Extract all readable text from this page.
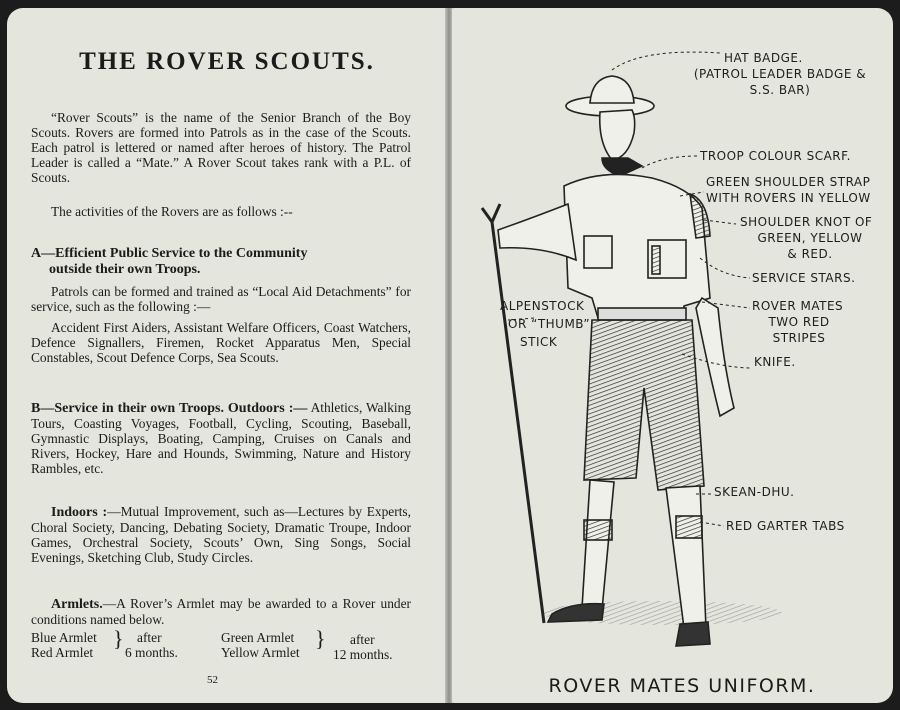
THE ROVER SCOUTS.
“Rover Scouts” is the name of the Senior Branch of the Boy Scouts. Rovers are formed into Patrols as in the case of the Scouts. Each patrol is lettered or named after heroes of history. The Patrol Leader is called a “Mate.” A Rover Scout takes rank with a P.L. of Scouts.
The activities of the Rovers are as follows :--
A—Efficient Public Service to the Community
outside their own Troops.
Patrols can be formed and trained as “Local Aid Detachments” for service, such as the following :—
Accident First Aiders, Assistant Welfare Officers, Coast Watchers, Defence Signallers, Firemen, Rocket Apparatus Men, Special Constables, Scout Defence Corps, Sea Scouts.
B—Service in their own Troops. Outdoors :— Athletics, Walking Tours, Coasting Voyages, Football, Cycling, Scouting, Baseball, Gymnastic Displays, Boating, Camping, Cruises on Canals and Rivers, Hockey, Hare and Hounds, Swimming, Nature and History Rambles, etc.
Indoors :—Mutual Improvement, such as—Lectures by Experts, Choral Society, Dancing, Debating Society, Dramatic Troupe, Indoor Games, Orchestral Society, Scouts’ Own, Sing Songs, Social Evenings, Sketching Club, Study Circles.
Armlets.—A Rover’s Armlet may be awarded to a Rover under conditions named below.
Blue Armlet
Red Armlet
} after
6 months.
Green Armlet
Yellow Armlet
} after
12 months.
52
HAT BADGE.
(PATROL LEADER BADGE &
S.S. BAR)
TROOP COLOUR SCARF.
GREEN SHOULDER STRAP
WITH ROVERS IN YELLOW
SHOULDER KNOT OF
GREEN, YELLOW
& RED.
SERVICE STARS.
ROVER MATES
TWO RED
STRIPES
KNIFE.
ALPENSTOCK
OR “THUMB”
STICK
SKEAN-DHU.
RED GARTER TABS
ROVER MATES UNIFORM.
